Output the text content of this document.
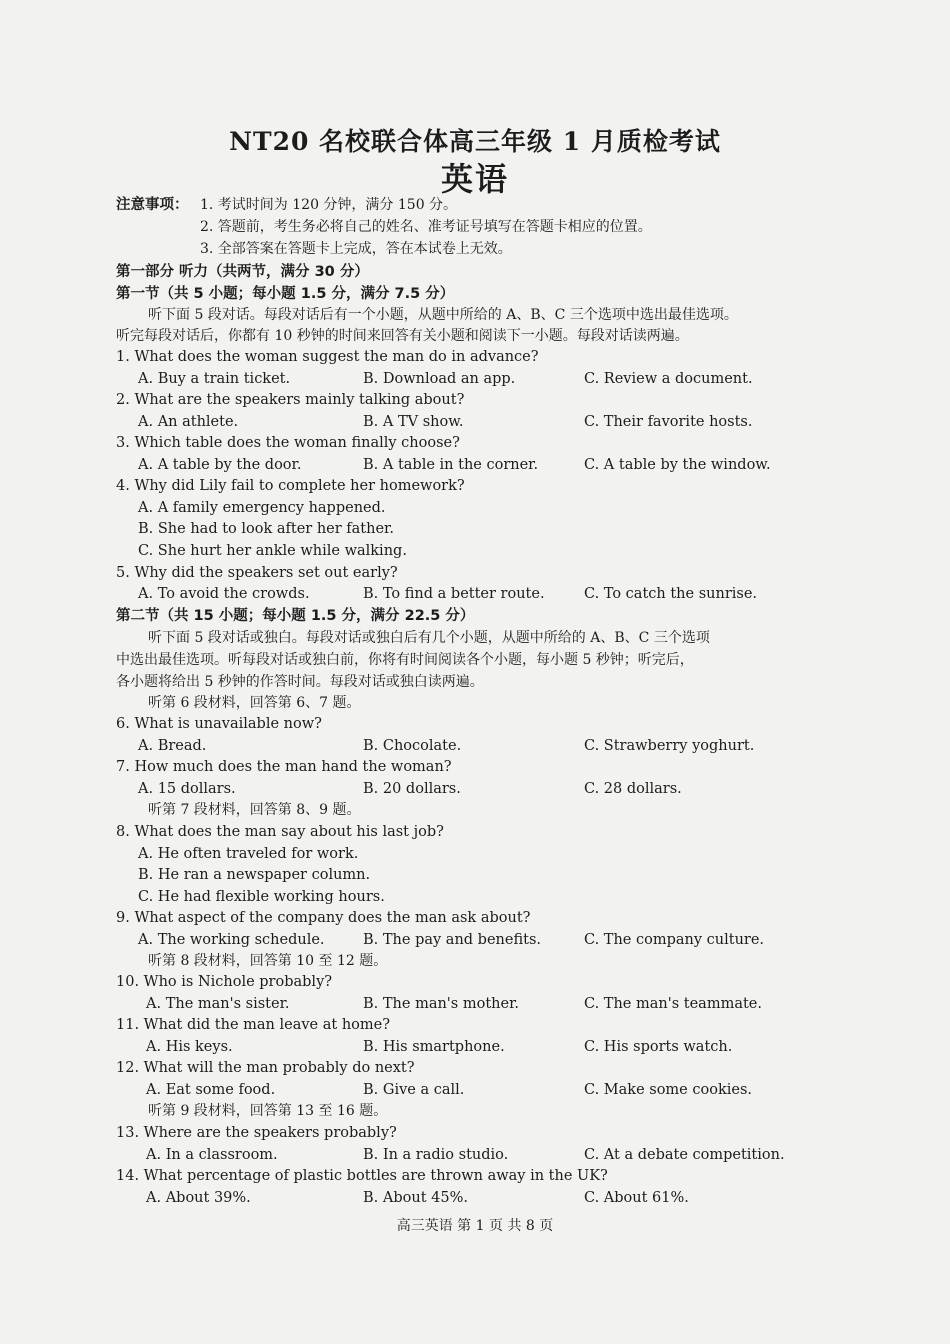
NT20 名校联合体高三年级 1 月质检考试
英语
注意事项： 1. 考试时间为 120 分钟，满分 150 分。
2. 答题前，考生务必将自己的姓名、准考证号填写在答题卡相应的位置。
3. 全部答案在答题卡上完成，答在本试卷上无效。
第一部分 听力（共两节，满分 30 分）
第一节（共 5 小题；每小题 1.5 分，满分 7.5 分）
听下面 5 段对话。每段对话后有一个小题，从题中所给的 A、B、C 三个选项中选出最佳选项。
听完每段对话后，你都有 10 秒钟的时间来回答有关小题和阅读下一小题。每段对话读两遍。
1. What does the woman suggest the man do in advance?
A. Buy a train ticket.	B. Download an app.	C. Review a document.
2. What are the speakers mainly talking about?
A. An athlete.	B. A TV show.	C. Their favorite hosts.
3. Which table does the woman finally choose?
A. A table by the door.	B. A table in the corner.	C. A table by the window.
4. Why did Lily fail to complete her homework?
A. A family emergency happened.
B. She had to look after her father.
C. She hurt her ankle while walking.
5. Why did the speakers set out early?
A. To avoid the crowds.	B. To find a better route.	C. To catch the sunrise.
第二节（共 15 小题；每小题 1.5 分，满分 22.5 分）
听下面 5 段对话或独白。每段对话或独白后有几个小题，从题中所给的 A、B、C 三个选项
中选出最佳选项。听每段对话或独白前，你将有时间阅读各个小题，每小题 5 秒钟；听完后，
各小题将给出 5 秒钟的作答时间。每段对话或独白读两遍。
听第 6 段材料，回答第 6、7 题。
6. What is unavailable now?
A. Bread.	B. Chocolate.	C. Strawberry yoghurt.
7. How much does the man hand the woman?
A. 15 dollars.	B. 20 dollars.	C. 28 dollars.
听第 7 段材料，回答第 8、9 题。
8. What does the man say about his last job?
A. He often traveled for work.
B. He ran a newspaper column.
C. He had flexible working hours.
9. What aspect of the company does the man ask about?
A. The working schedule.	B. The pay and benefits.	C. The company culture.
听第 8 段材料，回答第 10 至 12 题。
10. Who is Nichole probably?
A. The man's sister.	B. The man's mother.	C. The man's teammate.
11. What did the man leave at home?
A. His keys.	B. His smartphone.	C. His sports watch.
12. What will the man probably do next?
A. Eat some food.	B. Give a call.	C. Make some cookies.
听第 9 段材料，回答第 13 至 16 题。
13. Where are the speakers probably?
A. In a classroom.	B. In a radio studio.	C. At a debate competition.
14. What percentage of plastic bottles are thrown away in the UK?
A. About 39%.	B. About 45%.	C. About 61%.
高三英语 第 1 页 共 8 页
